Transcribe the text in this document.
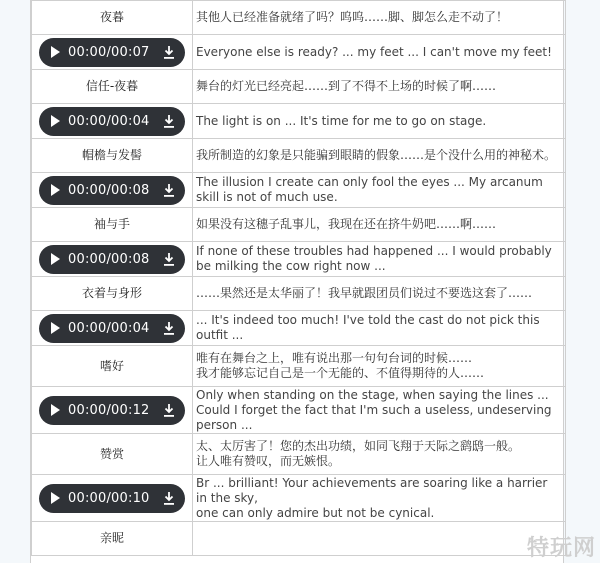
夜暮	其他人已经准备就绪了吗？呜呜……脚、脚怎么走不动了！

00:00/00:07	Everyone else is ready? ... my feet ... I can't move my feet!
信任-夜暮	舞台的灯光已经亮起……到了不得不上场的时候了啊……

00:00/00:04	The light is on ... It's time for me to go on stage.
帽檐与发髻	我所制造的幻象是只能骗到眼睛的假象……是个没什么用的神秘术。

00:00/00:08	The illusion I create can only fool the eyes ... My arcanum skill is not of much use.
袖与手	如果没有这穗子乱事儿，我现在还在挤牛奶吧……啊……

00:00/00:08	If none of these troubles had happened ... I would probably be milking the cow right now ...
衣着与身形	……果然还是太华丽了！我早就跟团员们说过不要选这套了……

00:00/00:04	... It's indeed too much! I've told the cast do not pick this outfit ...
嗜好	唯有在舞台之上，唯有说出那一句句台词的时候……
我才能够忘记自己是一个无能的、不值得期待的人……

00:00/00:12	Only when standing on the stage, when saying the lines ...
Could I forget the fact that I'm such a useless, undeserving person ...

赞赏	太、太厉害了！您的杰出功绩，如同飞翔于天际之鹞鸱一般。
让人唯有赞叹，而无嫉恨。

00:00/00:10	Br ... brilliant! Your achievements are soaring like a harrier in the sky,
one can only admire but not be cynical.

亲昵		特玩网
